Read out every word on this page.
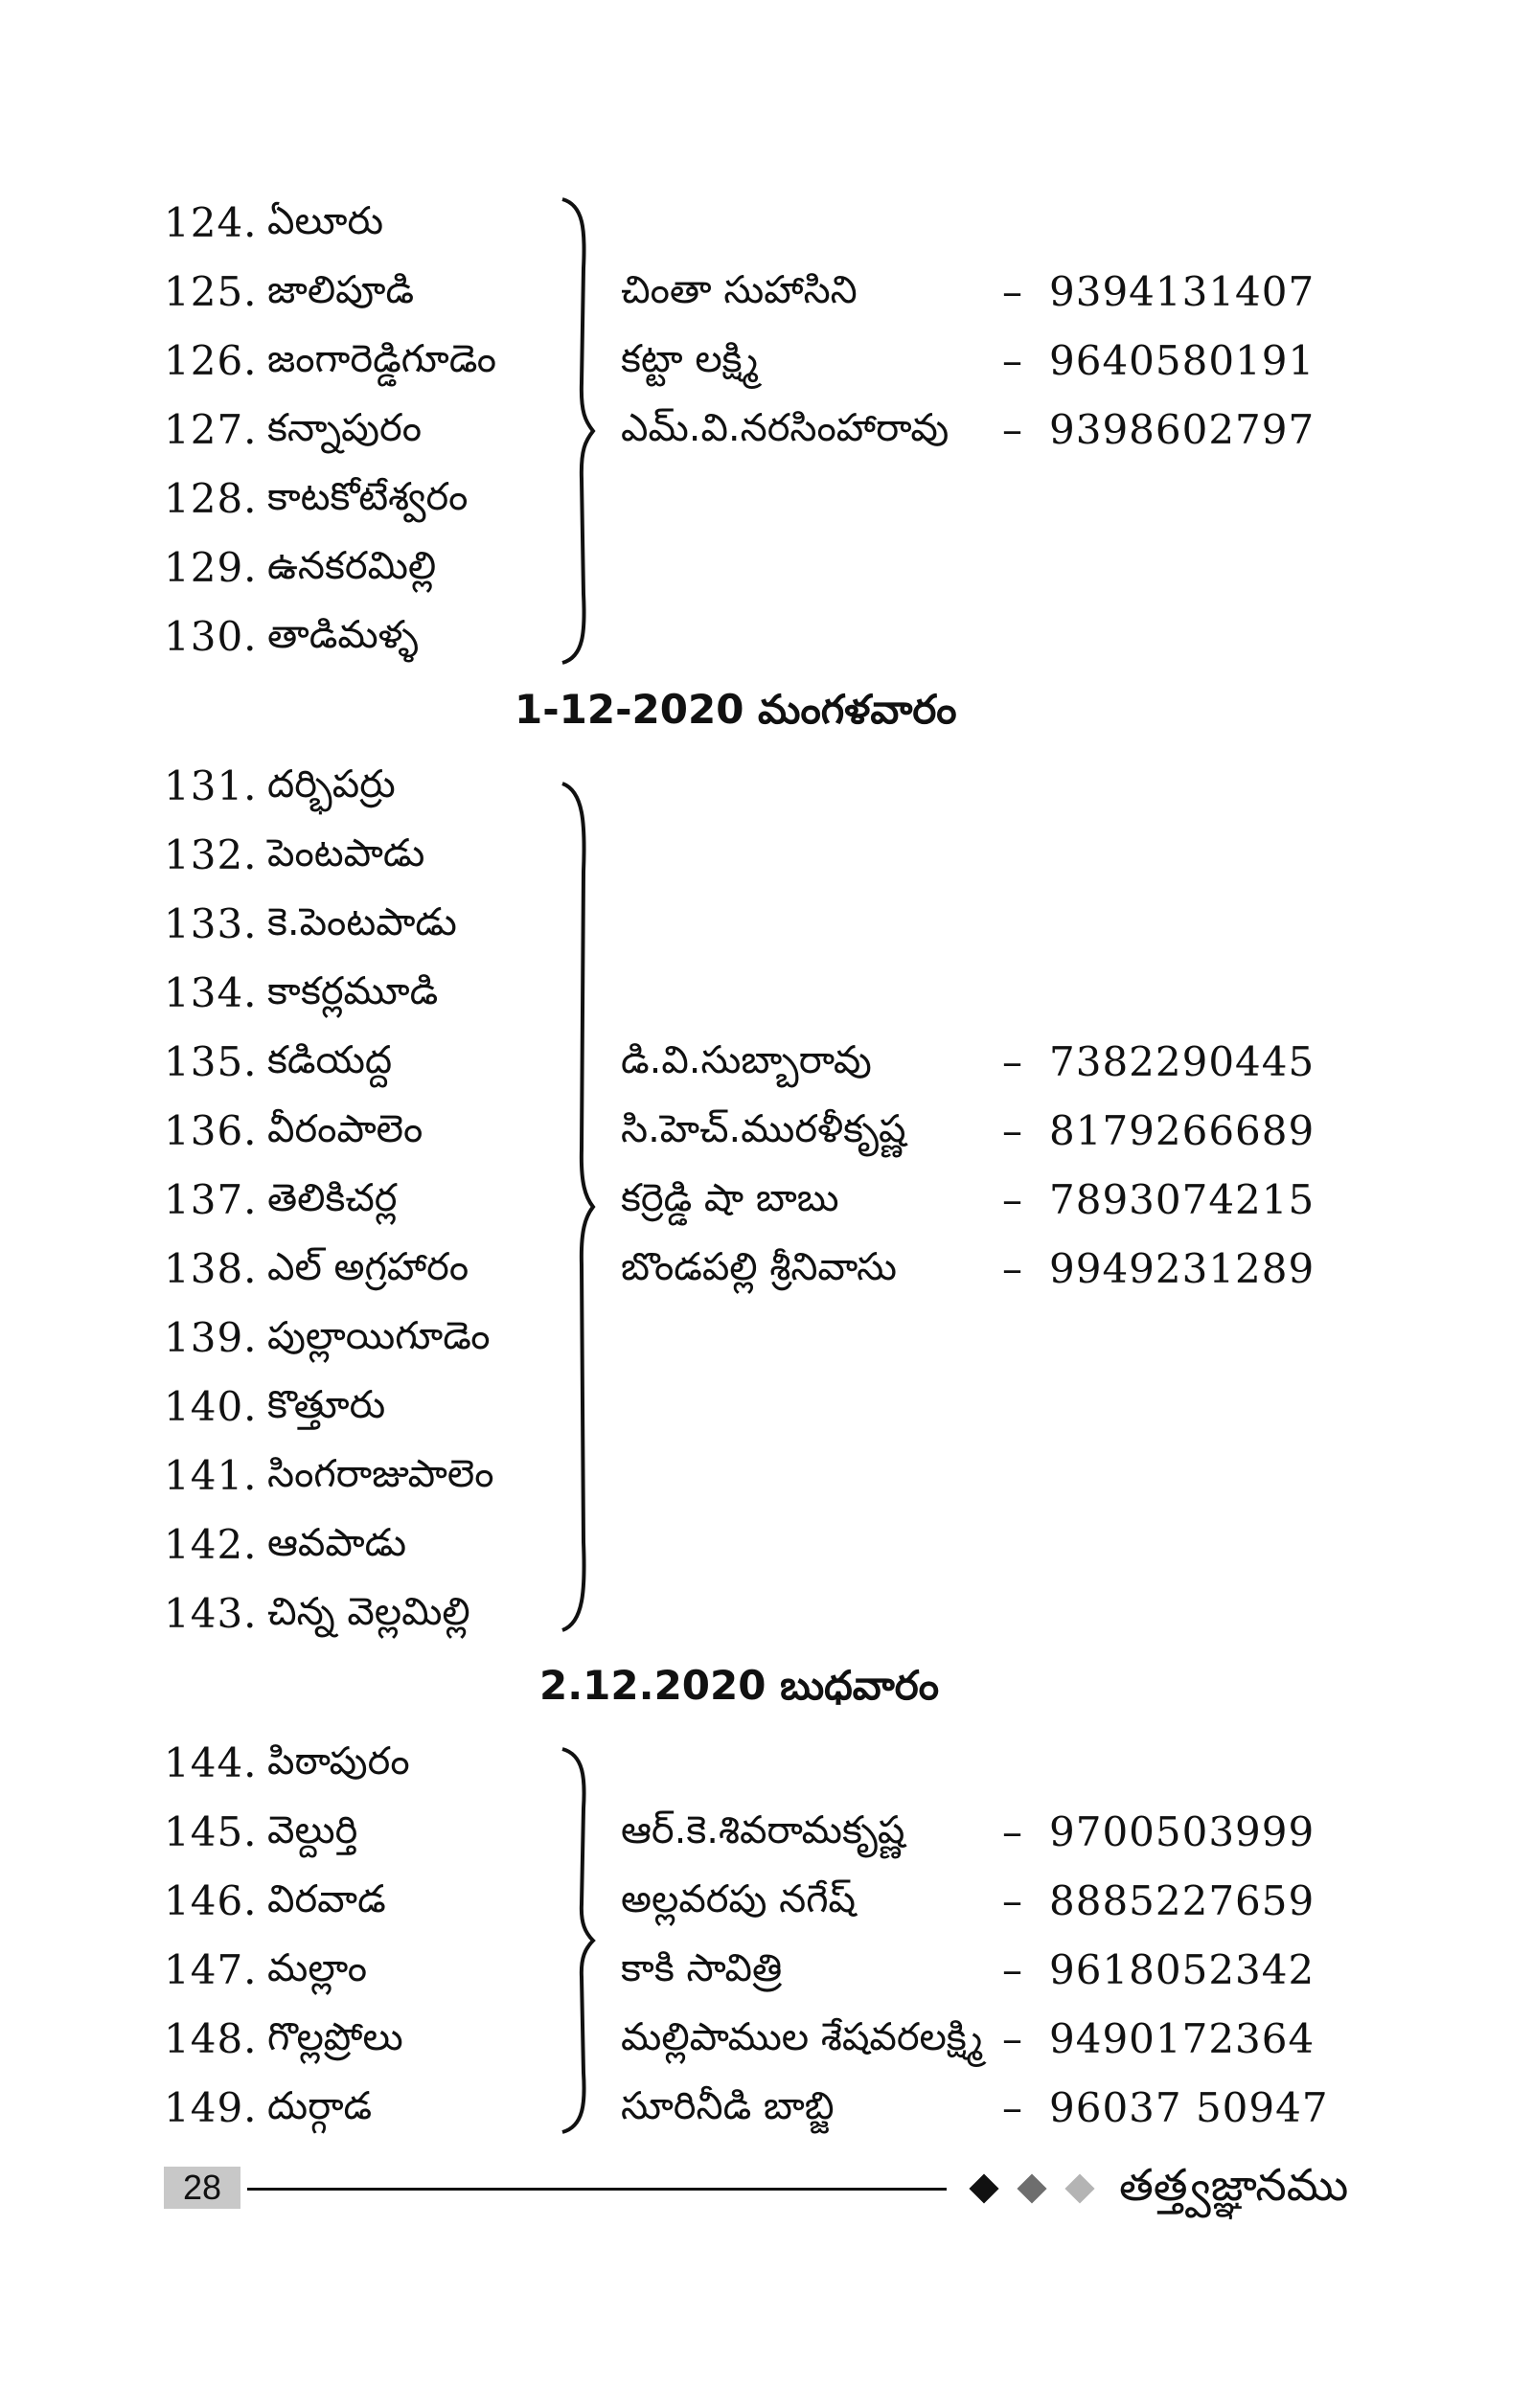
124. ఏలూరు
125. జాలిపూడి
126. జంగారెడ్డిగూడెం
127. కన్నాపురం
128. కాటకోటేశ్వరం
129. ఉనకరమిల్లి
130. తాడిమళ్ళ
చింతా సుహాసిని	– 9394131407
కట్టా లక్ష్మి	– 9640580191
ఎమ్.వి.నరసింహారావు – 9398602797
1-12-2020 మంగళవారం
131. దర్భిపర్రు
132. పెంటపాడు
133. కె.పెంటపాడు
134. కాకర్లమూడి
135. కడియద్ద
136. వీరంపాలెం
137. తెలికిచర్ల
138. ఎల్ అగ్రహారం
139. పుల్లాయిగూడెం
140. కొత్తూరు
141. సింగరాజుపాలెం
142. ఆవపాడు
143. చిన్న వెల్లమిల్లి
డి.వి.సుబ్బారావు	– 7382290445
సి.హెచ్.మురళీకృష్ణ – 8179266689
కర్రెడ్డి షా బాబు	– 7893074215
బొండపల్లి శ్రీనివాసు	– 9949231289
2.12.2020 బుధవారం
144. పిఠాపురం
145. వెల్దుర్తి
146. విరవాడ
147. మల్లాం
148. గొల్లప్రోలు
149. దుర్గాడ
ఆర్.కె.శివరామకృష్ణ – 9700503999
అల్లవరపు నగేష్	– 8885227659
కాకి సావిత్రి	– 9618052342
మల్లిపాముల శేషవరలక్ష్మి – 9490172364
సూరినీడి బాబ్జి	– 96037 50947
28	తత్త్వజ్ఞానము
